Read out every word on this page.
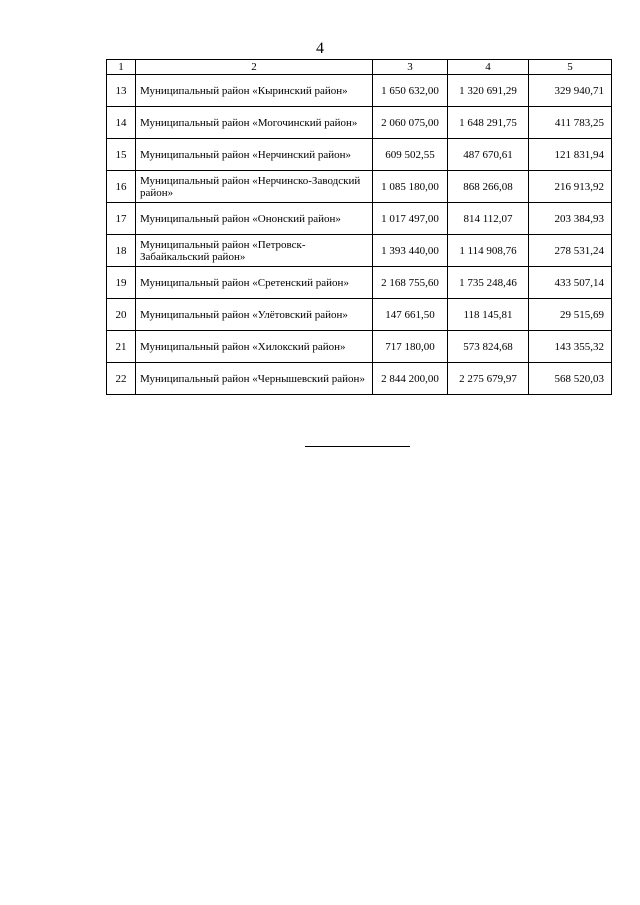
4
1	2	3	4	5
13	Муниципальный район «Кыринский район»	1 650 632,00	1 320 691,29	329 940,71
14	Муниципальный район «Могочинский район»	2 060 075,00	1 648 291,75	411 783,25
15	Муниципальный район «Нерчинский район»	609 502,55	487 670,61	121 831,94
16	Муниципальный район «Нерчинско-Заводский район»	1 085 180,00	868 266,08	216 913,92
17	Муниципальный район «Ононский район»	1 017 497,00	814 112,07	203 384,93
18	Муниципальный район «Петровск-Забайкальский район»	1 393 440,00	1 114 908,76	278 531,24
19	Муниципальный район «Сретенский район»	2 168 755,60	1 735 248,46	433 507,14
20	Муниципальный район «Улётовский район»	147 661,50	118 145,81	29 515,69
21	Муниципальный район «Хилокский район»	717 180,00	573 824,68	143 355,32
22	Муниципальный район «Чернышевский район»	2 844 200,00	2 275 679,97	568 520,03
